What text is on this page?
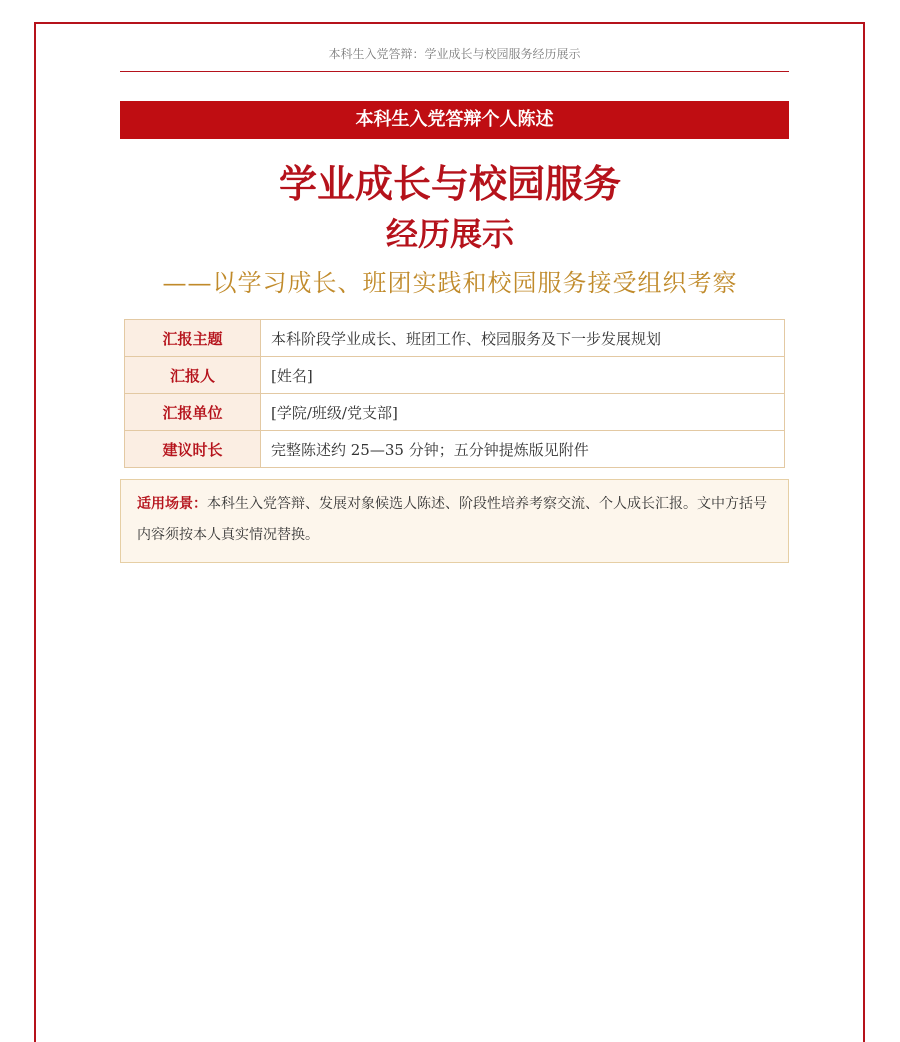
本科生入党答辩：学业成长与校园服务经历展示
本科生入党答辩个人陈述
学业成长与校园服务
经历展示
——以学习成长、班团实践和校园服务接受组织考察
汇报主题	本科阶段学业成长、班团工作、校园服务及下一步发展规划
汇报人	[姓名]
汇报单位	[学院/班级/党支部]
建议时长	完整陈述约 25—35 分钟；五分钟提炼版见附件
适用场景：本科生入党答辩、发展对象候选人陈述、阶段性培养考察交流、个人成长汇报。文中方括号内容须按本人真实情况替换。
